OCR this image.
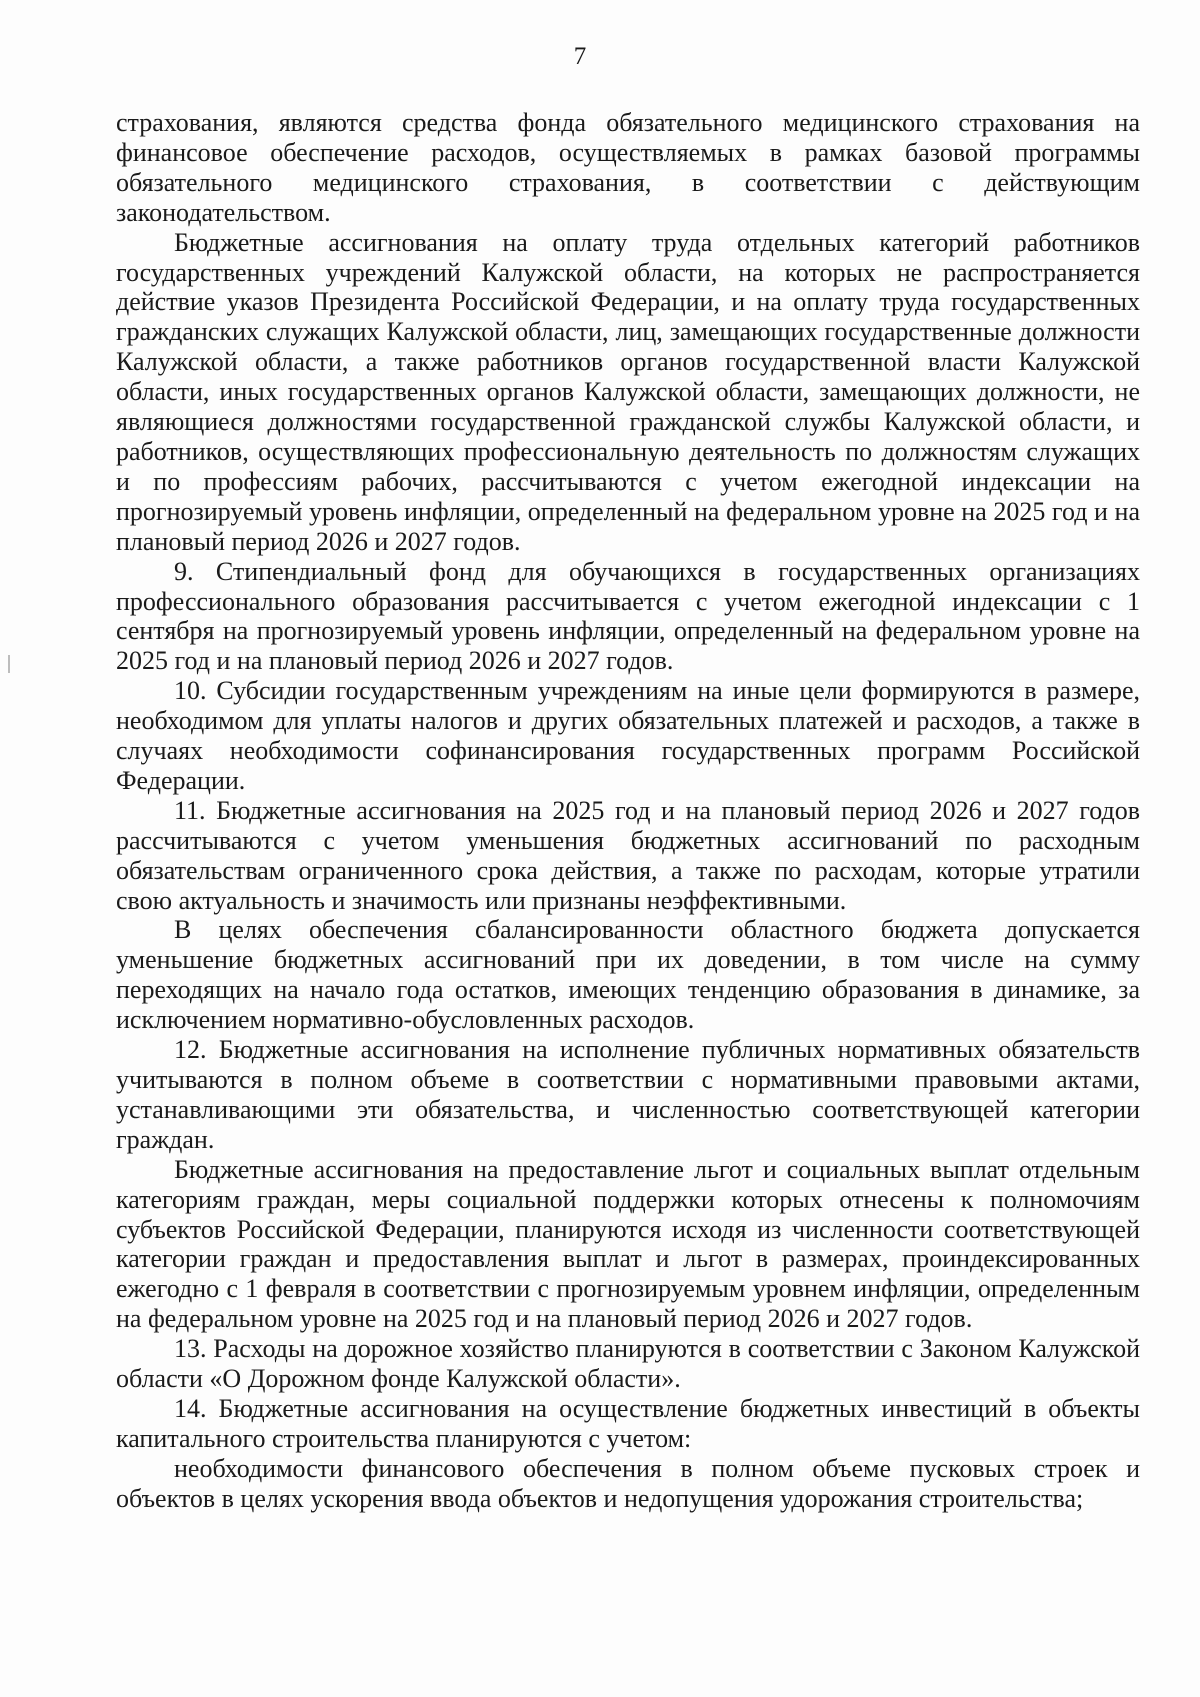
7

страхования, являются средства фонда обязательного медицинского страхования на финансовое обеспечение расходов, осуществляемых в рамках базовой программы обязательного медицинского страхования, в соответствии с действующим законодательством.

Бюджетные ассигнования на оплату труда отдельных категорий работников государственных учреждений Калужской области, на которых не распространяется действие указов Президента Российской Федерации, и на оплату труда государственных гражданских служащих Калужской области, лиц, замещающих государственные должности Калужской области, а также работников органов государственной власти Калужской области, иных государственных органов Калужской области, замещающих должности, не являющиеся должностями государственной гражданской службы Калужской области, и работников, осуществляющих профессиональную деятельность по должностям служащих и по профессиям рабочих, рассчитываются с учетом ежегодной индексации на прогнозируемый уровень инфляции, определенный на федеральном уровне на 2025 год и на плановый период 2026 и 2027 годов.

9. Стипендиальный фонд для обучающихся в государственных организациях профессионального образования рассчитывается с учетом ежегодной индексации с 1 сентября на прогнозируемый уровень инфляции, определенный на федеральном уровне на 2025 год и на плановый период 2026 и 2027 годов.

10. Субсидии государственным учреждениям на иные цели формируются в размере, необходимом для уплаты налогов и других обязательных платежей и расходов, а также в случаях необходимости софинансирования государственных программ Российской Федерации.

11. Бюджетные ассигнования на 2025 год и на плановый период 2026 и 2027 годов рассчитываются с учетом уменьшения бюджетных ассигнований по расходным обязательствам ограниченного срока действия, а также по расходам, которые утратили свою актуальность и значимость или признаны неэффективными.

В целях обеспечения сбалансированности областного бюджета допускается уменьшение бюджетных ассигнований при их доведении, в том числе на сумму переходящих на начало года остатков, имеющих тенденцию образования в динамике, за исключением нормативно-обусловленных расходов.

12. Бюджетные ассигнования на исполнение публичных нормативных обязательств учитываются в полном объеме в соответствии с нормативными правовыми актами, устанавливающими эти обязательства, и численностью соответствующей категории граждан.

Бюджетные ассигнования на предоставление льгот и социальных выплат отдельным категориям граждан, меры социальной поддержки которых отнесены к полномочиям субъектов Российской Федерации, планируются исходя из численности соответствующей категории граждан и предоставления выплат и льгот в размерах, проиндексированных ежегодно с 1 февраля в соответствии с прогнозируемым уровнем инфляции, определенным на федеральном уровне на 2025 год и на плановый период 2026 и 2027 годов.

13. Расходы на дорожное хозяйство планируются в соответствии с Законом Калужской области «О Дорожном фонде Калужской области».

14. Бюджетные ассигнования на осуществление бюджетных инвестиций в объекты капитального строительства планируются с учетом:

необходимости финансового обеспечения в полном объеме пусковых строек и объектов в целях ускорения ввода объектов и недопущения удорожания строительства;
